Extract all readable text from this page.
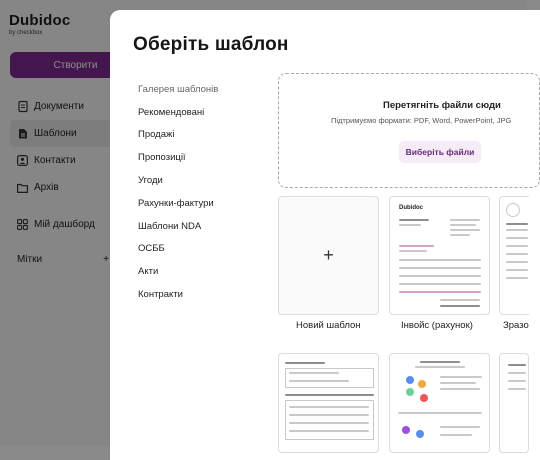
Dubidoc
by checkbox
Створити
Документи
Шаблони
Контакти
Архів
Мій дашборд
Мітки	+
Оберіть шаблон
Галерея шаблонів
Рекомендовані
Продажі
Пропозиції
Угоди
Рахунки-фактури
Шаблони NDA
ОСББ
Акти
Контракти
Перетягніть файли сюди
Підтримуємо формати: PDF, Word, PowerPoint, JPG
Виберіть файли
+
Новий шаблон
Dubidoc
Інвойс (рахунок)	Зразо
